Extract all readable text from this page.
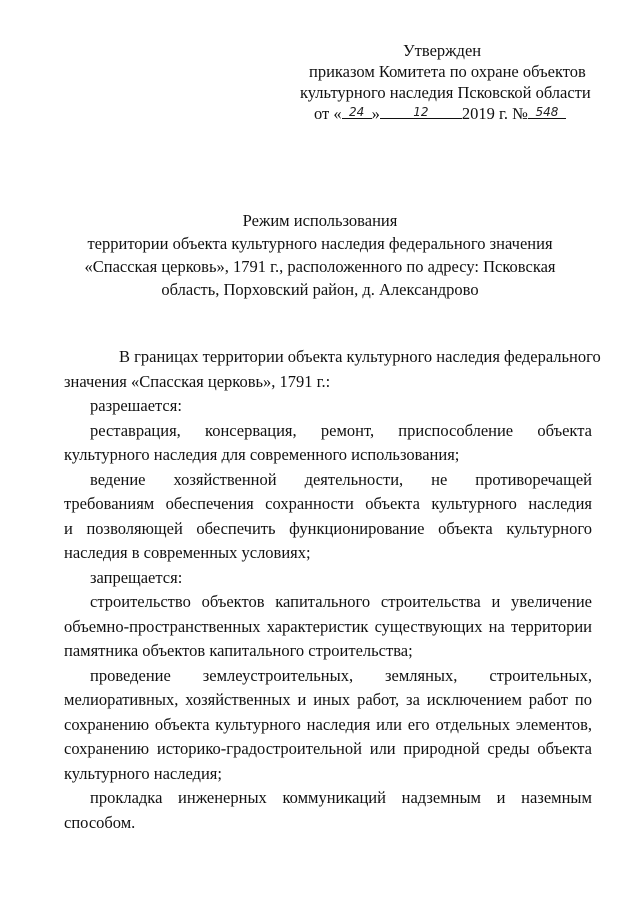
Утвержден
приказом Комитета по охране объектов
культурного наследия Псковской области
от « 24 »	12 2019 г. № 548
Режим использования
территории объекта культурного наследия федерального значения
«Спасская церковь», 1791 г., расположенного по адресу: Псковская
область, Порховский район, д. Александрово
В границах территории объекта культурного наследия федерального
значения «Спасская церковь», 1791 г.:
разрешается:
реставрация, консервация, ремонт, приспособление объекта
культурного наследия для современного использования;
ведение хозяйственной деятельности, не противоречащей
требованиям обеспечения сохранности объекта культурного наследия
и позволяющей обеспечить функционирование объекта культурного
наследия в современных условиях;
запрещается:
строительство объектов капитального строительства и увеличение
объемно-пространственных характеристик существующих на территории
памятника объектов капитального строительства;
проведение землеустроительных, земляных, строительных,
мелиоративных, хозяйственных и иных работ, за исключением работ по
сохранению объекта культурного наследия или его отдельных элементов,
сохранению историко-градостроительной или природной среды объекта
культурного наследия;
прокладка инженерных коммуникаций надземным и наземным
способом.
